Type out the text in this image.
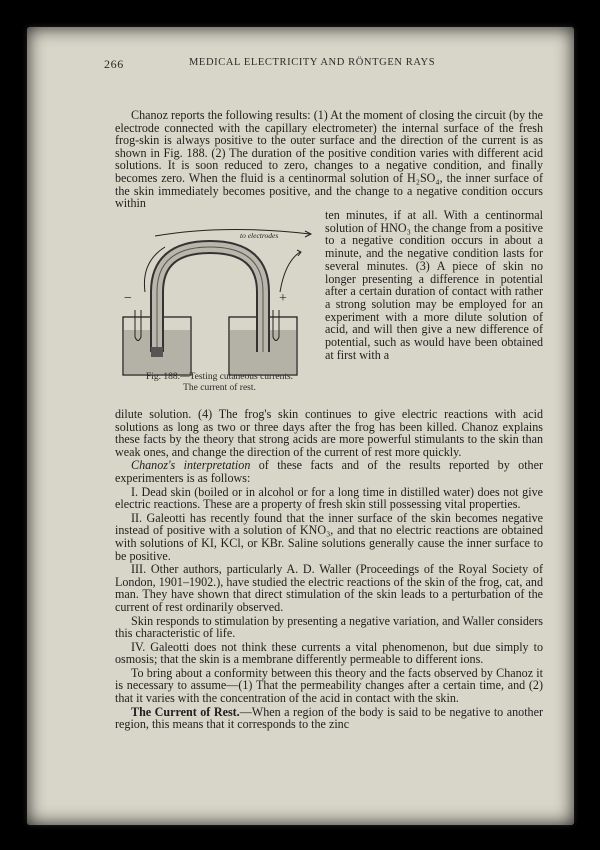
266	MEDICAL ELECTRICITY AND RÖNTGEN RAYS

Chanoz reports the following results: (1) At the moment of closing the circuit (by the electrode connected with the capillary electrometer) the internal surface of the fresh frog-skin is always positive to the outer surface and the direction of the current is as shown in Fig. 188. (2) The duration of the positive condition varies with different acid solutions. It is soon reduced to zero, changes to a negative condition, and finally becomes zero. When the fluid is a centinormal solution of H₂SO₄, the inner surface of the skin immediately becomes positive, and the change to a negative condition occurs within

to electrodes
−	+
Fig. 188.—Testing cutaneous currents.
The current of rest.
ten minutes, if at all. With a centinormal solution of HNO₃ the change from a positive to a negative condition occurs in about a minute, and the negative condition lasts for several minutes. (3) A piece of skin no longer presenting a difference in potential after a certain duration of contact with rather a strong solution may be employed for an experiment with a more dilute solution of acid, and will then give a new difference of potential, such as would have been obtained at first with a

dilute solution. (4) The frog's skin continues to give electric reactions with acid solutions as long as two or three days after the frog has been killed. Chanoz explains these facts by the theory that strong acids are more powerful stimulants to the skin than weak ones, and change the direction of the current of rest more quickly.

Chanoz's interpretation of these facts and of the results reported by other experimenters is as follows:

I. Dead skin (boiled or in alcohol or for a long time in distilled water) does not give electric reactions. These are a property of fresh skin still possessing vital properties.

II. Galeotti has recently found that the inner surface of the skin becomes negative instead of positive with a solution of KNO₃, and that no electric reactions are obtained with solutions of KI, KCl, or KBr. Saline solutions generally cause the inner surface to be positive.

III. Other authors, particularly A. D. Waller (Proceedings of the Royal Society of London, 1901–1902.), have studied the electric reactions of the skin of the frog, cat, and man. They have shown that direct stimulation of the skin leads to a perturbation of the current of rest ordinarily observed.

Skin responds to stimulation by presenting a negative variation, and Waller considers this characteristic of life.

IV. Galeotti does not think these currents a vital phenomenon, but due simply to osmosis; that the skin is a membrane differently permeable to different ions.

To bring about a conformity between this theory and the facts observed by Chanoz it is necessary to assume—(1) That the permeability changes after a certain time, and (2) that it varies with the concentration of the acid in contact with the skin.

The Current of Rest.—When a region of the body is said to be negative to another region, this means that it corresponds to the zinc
